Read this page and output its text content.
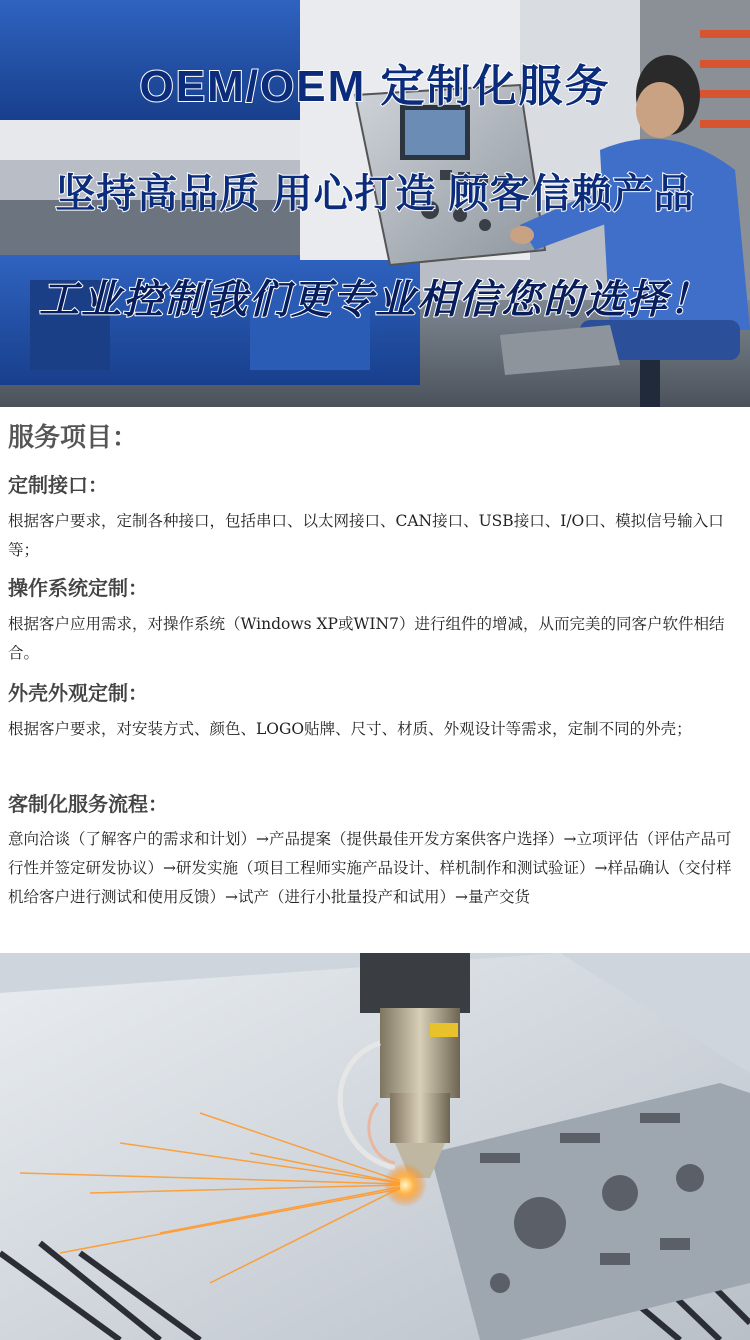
OEM/OEM 定制化服务
坚持高品质 用心打造 顾客信赖产品
工业控制我们更专业相信您的选择！
服务项目：
定制接口：

根据客户要求，定制各种接口，包括串口、以太网接口、CAN接口、USB接口、I/O口、模拟信号输入口等；

操作系统定制：

根据客户应用需求，对操作系统（Windows XP或WIN7）进行组件的增减，从而完美的同客户软件相结合。

外壳外观定制：

根据客户要求，对安装方式、颜色、LOGO贴牌、尺寸、材质、外观设计等需求，定制不同的外壳；

客制化服务流程：

意向洽谈（了解客户的需求和计划）→产品提案（提供最佳开发方案供客户选择）→立项评估（评估产品可行性并签定研发协议）→研发实施（项目工程师实施产品设计、样机制作和测试验证）→样品确认（交付样机给客户进行测试和使用反馈）→试产（进行小批量投产和试用）→量产交货
